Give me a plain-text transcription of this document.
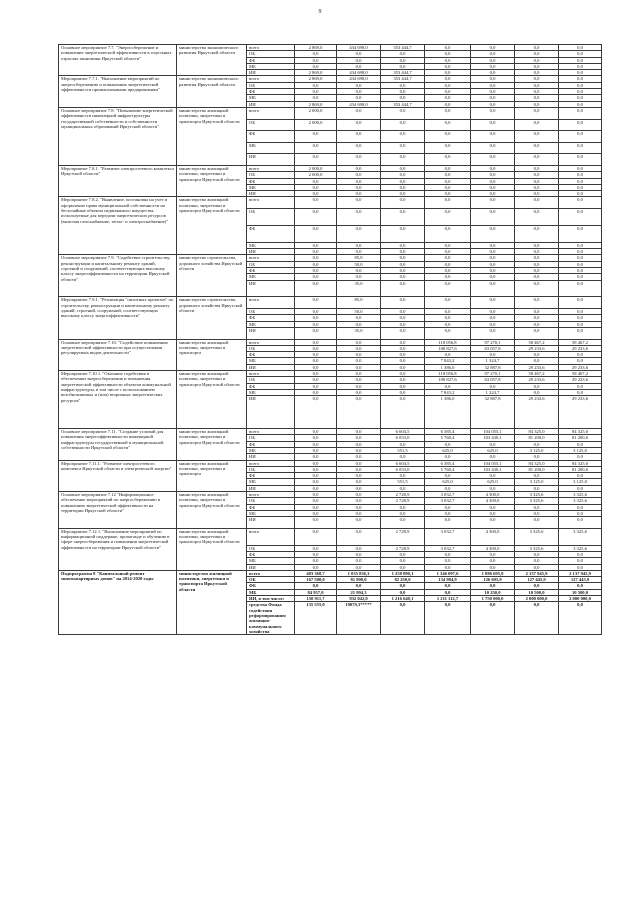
9
Основное мероприятие 7.7. "Энергосбережение и повышение энергетической эффективности в отдельных отраслях экономики Иркутской области"	министерство экономического развития Иркутской области	всего	2 869,0	434 698,0	353 444,7	0,0	0,0	0,0	0,0
		ОБ	0,0	0,0	0,0	0,0	0,0	0,0	0,0
		ФБ	0,0	0,0	0,0	0,0	0,0	0,0	0,0
		МБ	0,0	0,0	0,0	0,0	0,0	0,0	0,0
		ИИ	2 869,0	434 698,0	353 444,7	0,0	0,0	0,0	0,0
Мероприятие 7.7.1. "Выполнение мероприятий по энергосбережению и повышению энергетической эффективности промышленными предприятиями"	министерство экономического развития Иркутской области	всего	2 869,0	434 698,0	353 444,7	0,0	0,0	0,0	0,0
		ОБ	0,0	0,0	0,0	0,0	0,0	0,0	0,0
		ФБ	0,0	0,0	0,0	0,0	0,0	0,0	0,0
		МБ	0,0	0,0	0,0	0,0	0,0	0,0	0,0
		ИИ	2 869,0	434 698,0	353 444,7	0,0	0,0	0,0	0,0
Основное мероприятие 7.8. "Повышение энергетической эффективности инженерной инфраструктуры государственной собственности и собственности муниципальных образований Иркутской области"	министерство жилищной политики, энергетики и транспорта Иркутской области	всего	2 000,0	0,0	0,0	0,0	0,0	0,0	0,0
		ОБ	2 000,0	0,0	0,0	0,0	0,0	0,0	0,0
		ФБ	0,0	0,0	0,0	0,0	0,0	0,0	0,0
		МБ	0,0	0,0	0,0	0,0	0,0	0,0	0,0
		ИИ	0,0	0,0	0,0	0,0	0,0	0,0	0,0
Мероприятие 7.8.1. "Развитие электросетевого комплекса Иркутской области"	министерство жилищной политики, энергетики и транспорта Иркутской области	всего	2 000,0	0,0	0,0	0,0	0,0	0,0	0,0
		ОБ	2 000,0	0,0	0,0	0,0	0,0	0,0	0,0
		ФБ	0,0	0,0	0,0	0,0	0,0	0,0	0,0
		МБ	0,0	0,0	0,0	0,0	0,0	0,0	0,0
		ИИ	0,0	0,0	0,0	0,0	0,0	0,0	0,0
Мероприятие 7.8.2. "Выявление, постановка на учет и оформление права муниципальной собственности на бесхозяйные объекты недвижимого имущества, используемые для передачи энергетических ресурсов (включая газоснабжение, тепло- и электроснабжение)"	министерство жилищной политики, энергетики и транспорта Иркутской области	всего	0,0	0,0	0,0	0,0	0,0	0,0	0,0
		ОБ	0,0	0,0	0,0	0,0	0,0	0,0	0,0
		ФБ	0,0	0,0	0,0	0,0	0,0	0,0	0,0
		МБ	0,0	0,0	0,0	0,0	0,0	0,0	0,0
		ИИ	0,0	0,0	0,0	0,0	0,0	0,0	0,0
Основное мероприятие 7.9. "Содействие строительству, реконструкции и капитальному ремонту зданий, строений и сооружений, соответствующих высокому классу энергоэффективности на территории Иркутской области"	министерство строительства, дорожного хозяйства Иркутской области	всего	0,0	85,0	0,0	0,0	0,0	0,0	0,0
		ОБ	0,0	50,0	0,0	0,0	0,0	0,0	0,0
		ФБ	0,0	0,0	0,0	0,0	0,0	0,0	0,0
		МБ	0,0	0,0	0,0	0,0	0,0	0,0	0,0
		ИИ	0,0	35,0	0,0	0,0	0,0	0,0	0,0
Мероприятие 7.9.1. "Реализация "пилотных проектов" по строительству, реконструкции и капитальному ремонту зданий, строений, сооружений, соответствующих высокому классу энергоэффективности"	министерство строительства, дорожного хозяйства Иркутской области	всего	0,0	85,0	0,0	0,0	0,0	0,0	0,0
		ОБ	0,0	50,0	0,0	0,0	0,0	0,0	0,0
		ФБ	0,0	0,0	0,0	0,0	0,0	0,0	0,0
		МБ	0,0	0,0	0,0	0,0	0,0	0,0	0,0
		ИИ	0,0	35,0	0,0	0,0	0,0	0,0	0,0
Основное мероприятие 7.10. "Содействие повышению энергетической эффективности при осуществлении регулируемых видов деятельности"	министерство жилищной политики, энергетики и транспорта	всего	0,0	0,0	0,0	118 056,8	97 270,1	58 467,2	58 467,2
		ОБ	0,0	0,0	0,0	108 827,6	63 057,8	29 233,6	29 233,6
		ФБ	0,0	0,0	0,0	0,0	0,0	0,0	0,0
		МБ	0,0	0,0	0,0	7 843,2	1 324,7	0,0	0,0
		ИИ	0,0	0,0	0,0	1 386,0	32 887,8	29 233,6	29 233,6
Мероприятие 7.10.1. "Оказание содействия в обеспечении энергосбережения и повышения энергетической эффективности объектов коммунальной инфраструктуры, в том числе с использованием возобновляемых и (или) вторичных энергетических ресурсов"	министерство жилищной политики, энергетики и транспорта Иркутской области	всего	0,0	0,0	0,0	118 056,8	97 270,1	58 467,2	58 467,2
		ОБ	0,0	0,0	0,0	108 827,6	63 057,8	29 233,6	29 233,6
		ФБ	0,0	0,0	0,0	0,0	0,0	0,0	0,0
		МБ	0,0	0,0	0,0	7 843,2	1 324,7	0,0	0,0
		ИИ	0,0	0,0	0,0	1 386,0	32 887,8	29 233,6	29 233,6
Основное мероприятие 7.11. "Создание условий для повышения энергоэффективности инженерной инфраструктуры государственной и муниципальной собственности Иркутской области"	министерство жилищной политики, энергетики и транспорта Иркутской области	всего	0,0	0,0	6 604,5	6 385,4	104 055,1	84 325,0	84 325,0
		ОБ	0,0	0,0	6 053,0	5 760,4	103 430,1	81 200,0	81 200,0
		ФБ	0,0	0,0	0,0	0,0	0,0	0,0	0,0
		МБ	0,0	0,0	551,5	625,0	625,0	3 125,0	3 125,0
		ИИ	0,0	0,0	0,0	0,0	0,0	0,0	0,0
Мероприятие 7.11.1. "Развитие электросетевого комплекса Иркутской области и электрической энергии"	министерство жилищной политики, энергетики и транспорта	всего	0,0	0,0	6 604,5	6 385,4	104 055,1	84 325,0	84 325,0
		ОБ	0,0	0,0	6 053,0	5 760,4	103 430,1	81 200,0	81 200,0
		ФБ	0,0	0,0	0,0	0,0	0,0	0,0	0,0
		МБ	0,0	0,0	551,5	625,0	625,0	3 125,0	3 125,0
		ИИ	0,0	0,0	0,0	0,0	0,0	0,0	0,0
Основное мероприятие 7.12 "Информационное обеспечение мероприятий по энергосбережению и повышению энергетической эффективности на территории Иркутской области"	министерство жилищной политики, энергетики и транспорта Иркутской области	всего	0,0	0,0	2 728,9	3 032,7	4 300,0	3 325,6	3 325,6
		ОБ	0,0	0,0	2 728,9	3 032,7	4 300,0	3 325,6	3 325,6
		ФБ	0,0	0,0	0,0	0,0	0,0	0,0	0,0
		МБ	0,0	0,0	0,0	0,0	0,0	0,0	0,0
		ИИ	0,0	0,0	0,0	0,0	0,0	0,0	0,0
Мероприятие 7.12.1. "Выполнение мероприятий по информационной поддержке, пропаганде и обучению в сфере энергосбережения и повышения энергетической эффективности на территории Иркутской области"	министерство жилищной политики, энергетики и транспорта Иркутской области	всего	0,0	0,0	2 728,9	3 032,7	4 300,0	3 325,6	3 325,6
		ОБ	0,0	0,0	2 728,9	3 032,7	4 300,0	3 325,6	3 325,6
		ФБ	0,0	0,0	0,0	0,0	0,0	0,0	0,0
		МБ	0,0	0,0	0,0	0,0	0,0	0,0	0,0
		ИИ	0,0	0,0	0,0	0,0	0,0	0,0	0,0
Подпрограмма 8 "Капитальный ремонт многоквартирных домов" на 2014-2020 годы	министерство жилищной политики, энергетики и транспорта Иркутской области	всего	403 368,7	1 035 836,3	1 258 890,1	1 346 097,6	1 886 695,9	2 137 945,9	2 137 945,9
		ОБ	167 500,0	81 800,0	82 250,0	134 984,9	126 695,9	127 445,9	127 445,9
		ФБ	0,0	0,0	0,0	0,0	0,0	0,0	0,0
		МБ	84 957,0	21 994,3	0,0	0,0	10 250,0	10 500,0	10 500,0
		ИИ, в том числе:	150 911,7	932 042,0	1 216 640,1	1 211 112,7	1 750 000,0	2 000 000,0	2 000 000,0
		средства Фонда содействия реформированию жилищно-коммунального хозяйства	135 555,0	19079,3*****	0,0	0,0	0,0	0,0	0,0
